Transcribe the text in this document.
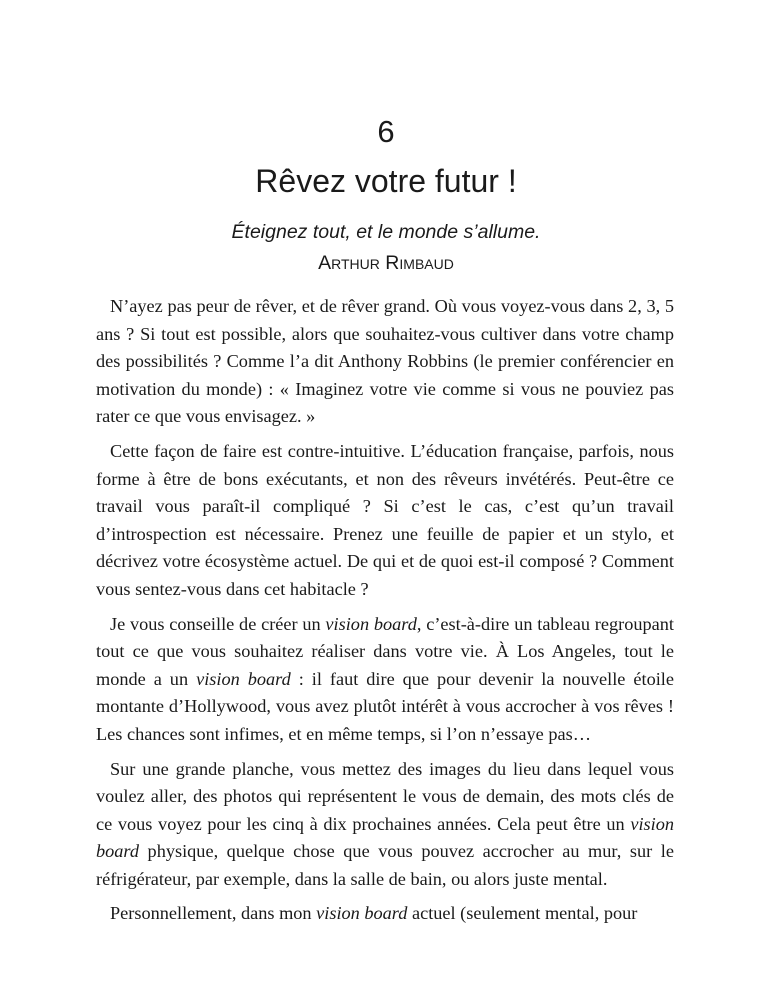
6
Rêvez votre futur !
Éteignez tout, et le monde s’allume.
Arthur Rimbaud

N’ayez pas peur de rêver, et de rêver grand. Où vous voyez-vous dans 2, 3, 5 ans ? Si tout est possible, alors que souhaitez-vous cultiver dans votre champ des possibilités ? Comme l’a dit Anthony Robbins (le premier conférencier en motivation du monde) : « Imaginez votre vie comme si vous ne pouviez pas rater ce que vous envisagez. »

Cette façon de faire est contre-intuitive. L’éducation française, parfois, nous forme à être de bons exécutants, et non des rêveurs invétérés. Peut-être ce travail vous paraît-il compliqué ? Si c’est le cas, c’est qu’un travail d’introspection est nécessaire. Prenez une feuille de papier et un stylo, et décrivez votre écosystème actuel. De qui et de quoi est-il composé ? Comment vous sentez-vous dans cet habitacle ?

Je vous conseille de créer un vision board, c’est-à-dire un tableau regroupant tout ce que vous souhaitez réaliser dans votre vie. À Los Angeles, tout le monde a un vision board : il faut dire que pour devenir la nouvelle étoile montante d’Hollywood, vous avez plutôt intérêt à vous accrocher à vos rêves ! Les chances sont infimes, et en même temps, si l’on n’essaye pas…

Sur une grande planche, vous mettez des images du lieu dans lequel vous voulez aller, des photos qui représentent le vous de demain, des mots clés de ce vous voyez pour les cinq à dix prochaines années. Cela peut être un vision board physique, quelque chose que vous pouvez accrocher au mur, sur le réfrigérateur, par exemple, dans la salle de bain, ou alors juste mental.

Personnellement, dans mon vision board actuel (seulement mental, pour
